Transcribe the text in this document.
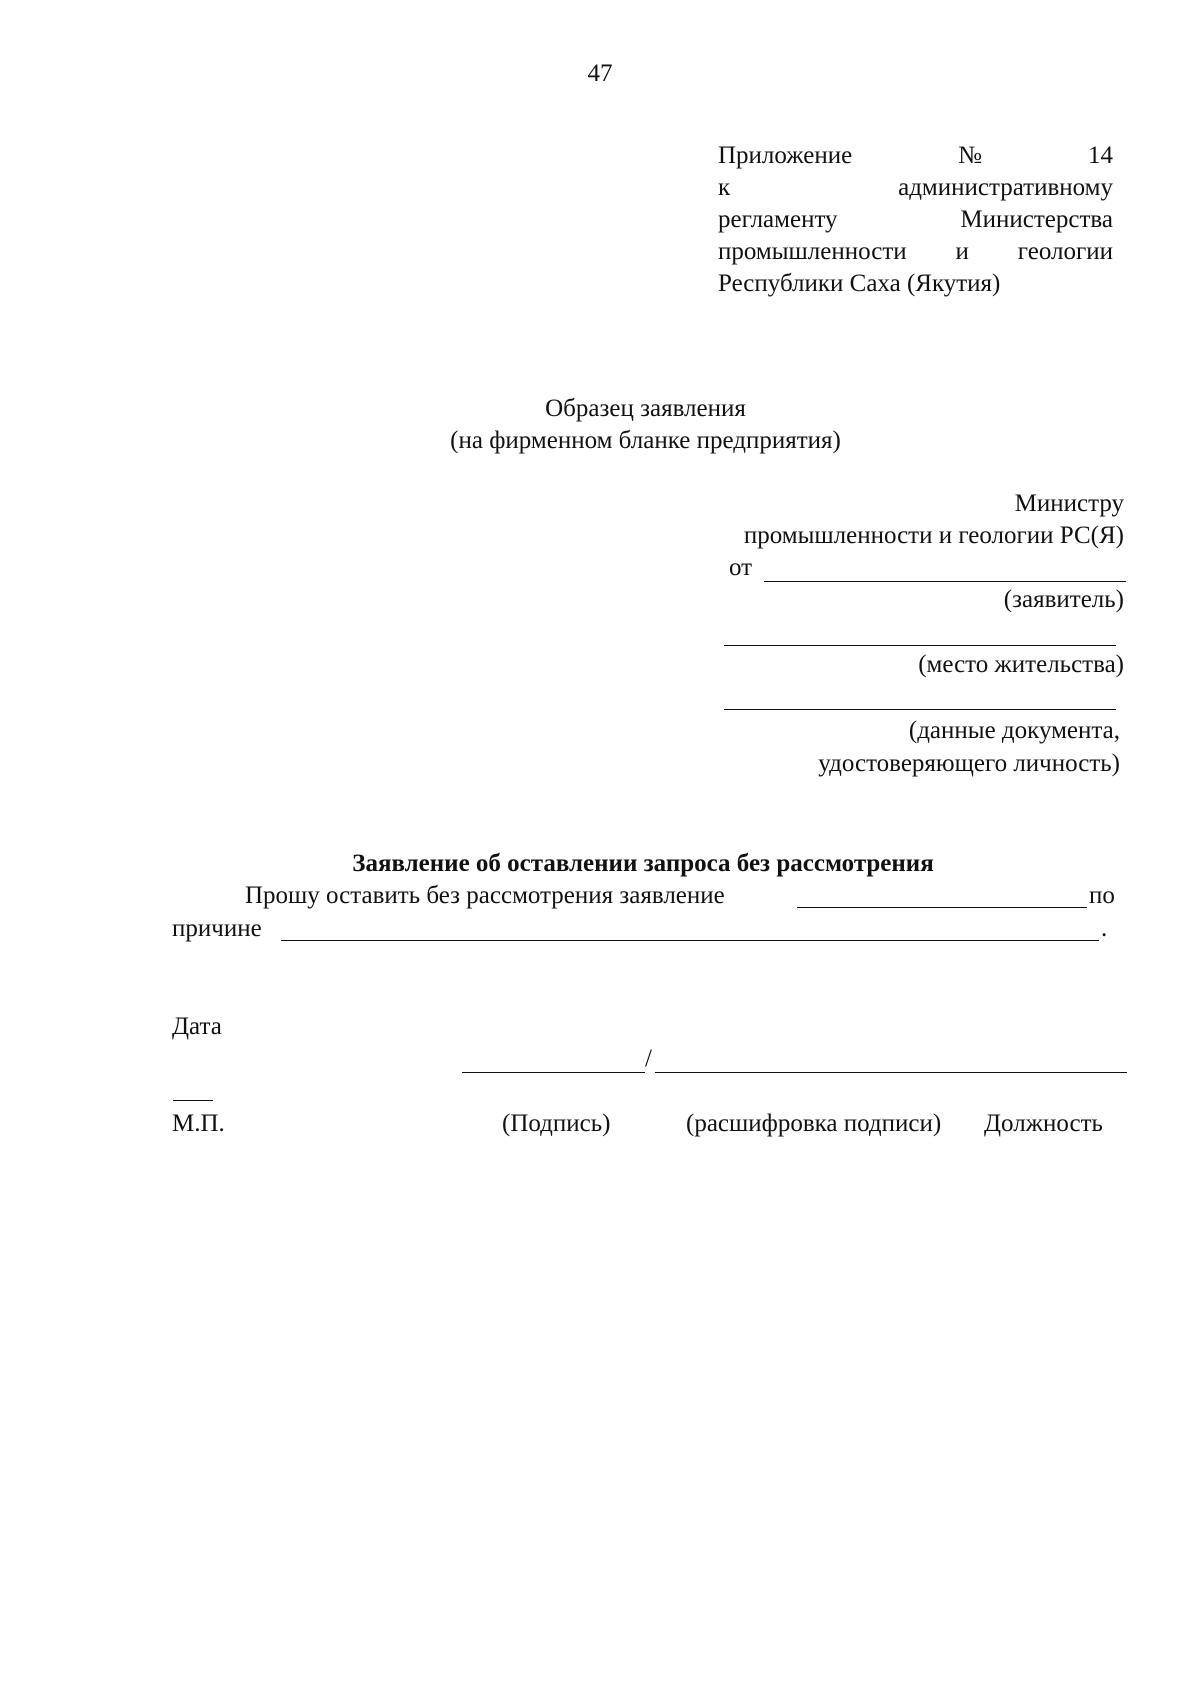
47
Приложение	№	14
к	административному
регламенту	Министерства
промышленности и геологии
Республики Саха (Якутия)
Образец заявления
(на фирменном бланке предприятия)
Министру
промышленности и геологии РС(Я)
от
(заявитель)
(место жительства)
(данные документа,
удостоверяющего личность)
Заявление об оставлении запроса без рассмотрения
Прошу оставить без рассмотрения заявление	по
причине	.
Дата
/
М.П.	(Подпись)	(расшифровка подписи) Должность
